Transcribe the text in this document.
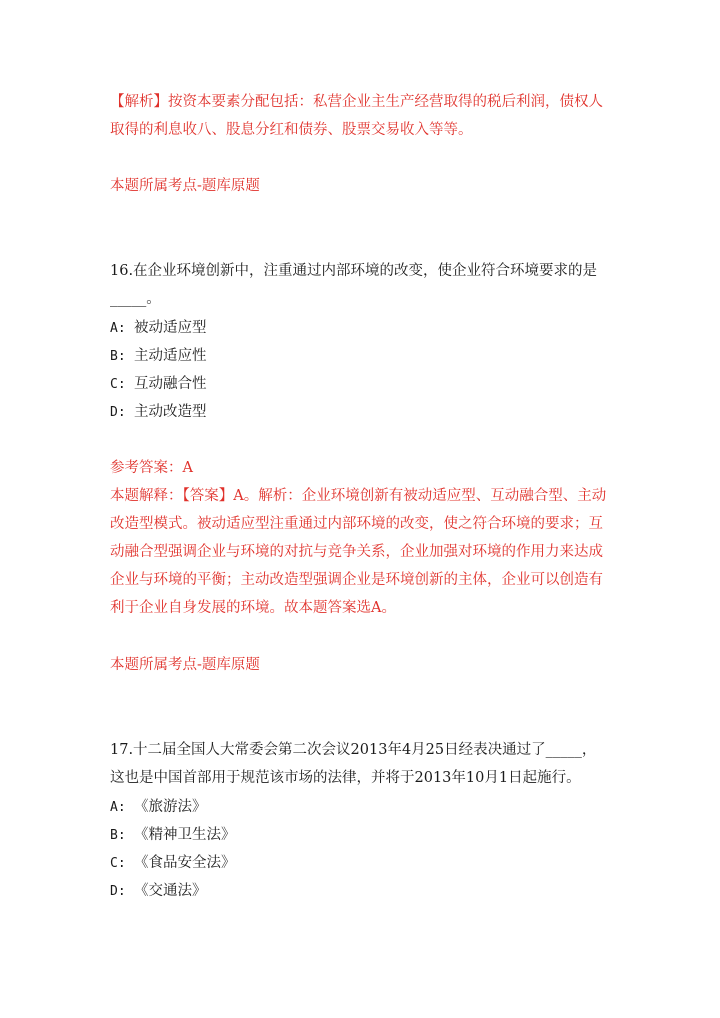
【解析】按资本要素分配包括：私营企业主生产经营取得的税后利润，债权人
取得的利息收八、股息分红和债券、股票交易收入等等。
本题所属考点-题库原题
16.在企业环境创新中，注重通过内部环境的改变，使企业符合环境要求的是
_____。
A: 被动适应型
B: 主动适应性
C: 互动融合性
D: 主动改造型
参考答案：A
本题解释：【答案】A。解析：企业环境创新有被动适应型、互动融合型、主动
改造型模式。被动适应型注重通过内部环境的改变，使之符合环境的要求；互
动融合型强调企业与环境的对抗与竞争关系，企业加强对环境的作用力来达成
企业与环境的平衡；主动改造型强调企业是环境创新的主体，企业可以创造有
利于企业自身发展的环境。故本题答案选A。
本题所属考点-题库原题
17.十二届全国人大常委会第二次会议2013年4月25日经表决通过了_____，
这也是中国首部用于规范该市场的法律，并将于2013年10月1日起施行。
A: 《旅游法》
B: 《精神卫生法》
C: 《食品安全法》
D: 《交通法》
